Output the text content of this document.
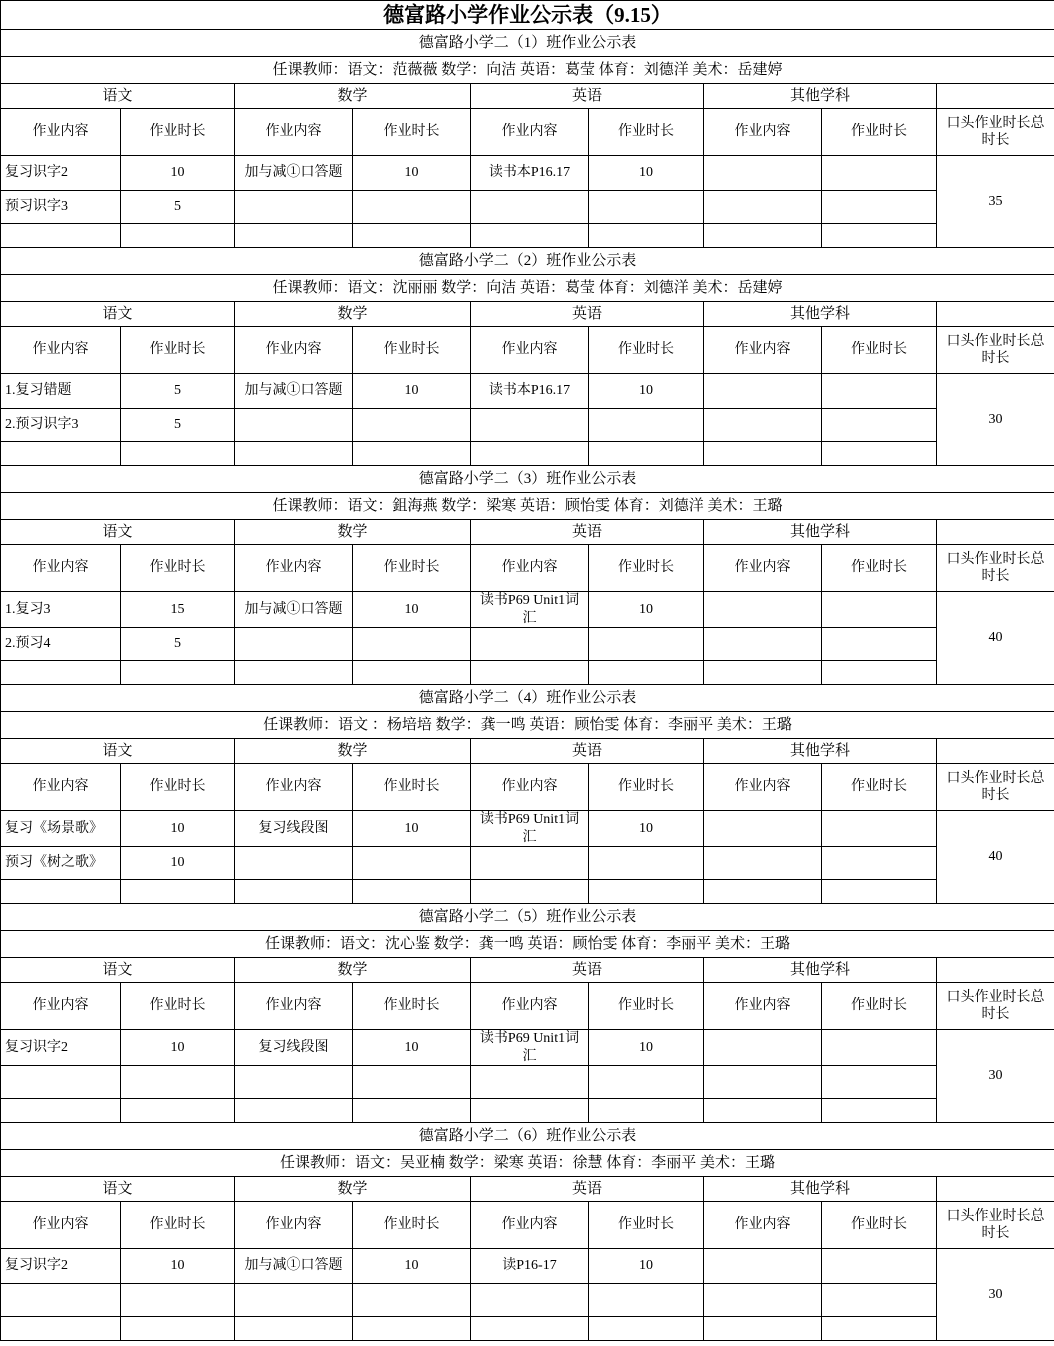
德富路小学作业公示表（9.15）								
德富路小学二（1）班作业公示表								
任课教师：语文：范薇薇 数学：向洁 英语：葛莹 体育：刘德洋 美术：岳建婷								
语文		数学		英语		其他学科		
作业内容	作业时长	作业内容	作业时长	作业内容	作业时长	作业内容	作业时长	口头作业时长总时长
复习识字2	10	加与减①口答题	10	读书本P16.17	10			35
预习识字3	5							

德富路小学二（2）班作业公示表								
任课教师：语文：沈丽丽 数学：向洁 英语：葛莹 体育：刘德洋 美术：岳建婷								
语文		数学		英语		其他学科		
作业内容	作业时长	作业内容	作业时长	作业内容	作业时长	作业内容	作业时长	口头作业时长总时长
1.复习错题	5	加与减①口答题	10	读书本P16.17	10			30
2.预习识字3	5							

德富路小学二（3）班作业公示表								
任课教师：语文：鉏海燕 数学：梁寒 英语：顾怡雯 体育：刘德洋 美术：王璐								
语文		数学		英语		其他学科		
作业内容	作业时长	作业内容	作业时长	作业内容	作业时长	作业内容	作业时长	口头作业时长总时长
1.复习3	15	加与减①口答题	10	读书P69 Unit1词汇	10			40
2.预习4	5							

德富路小学二（4）班作业公示表								
任课教师：语文 ：杨培培 数学：龚一鸣 英语：顾怡雯 体育：李丽平 美术：王璐								
语文		数学		英语		其他学科		
作业内容	作业时长	作业内容	作业时长	作业内容	作业时长	作业内容	作业时长	口头作业时长总时长
复习《场景歌》	10	复习线段图	10	读书P69 Unit1词汇	10			40
预习《树之歌》	10							

德富路小学二（5）班作业公示表								
任课教师：语文：沈心鉴 数学：龚一鸣 英语：顾怡雯 体育：李丽平 美术：王璐								
语文		数学		英语		其他学科		
作业内容	作业时长	作业内容	作业时长	作业内容	作业时长	作业内容	作业时长	口头作业时长总时长
复习识字2	10	复习线段图	10	读书P69 Unit1词汇	10			30

德富路小学二（6）班作业公示表								
任课教师：语文：吴亚楠 数学：梁寒 英语：徐慧 体育：李丽平 美术：王璐								
语文		数学		英语		其他学科		
作业内容	作业时长	作业内容	作业时长	作业内容	作业时长	作业内容	作业时长	口头作业时长总时长
复习识字2	10	加与减①口答题	10	读P16-17	10			30
